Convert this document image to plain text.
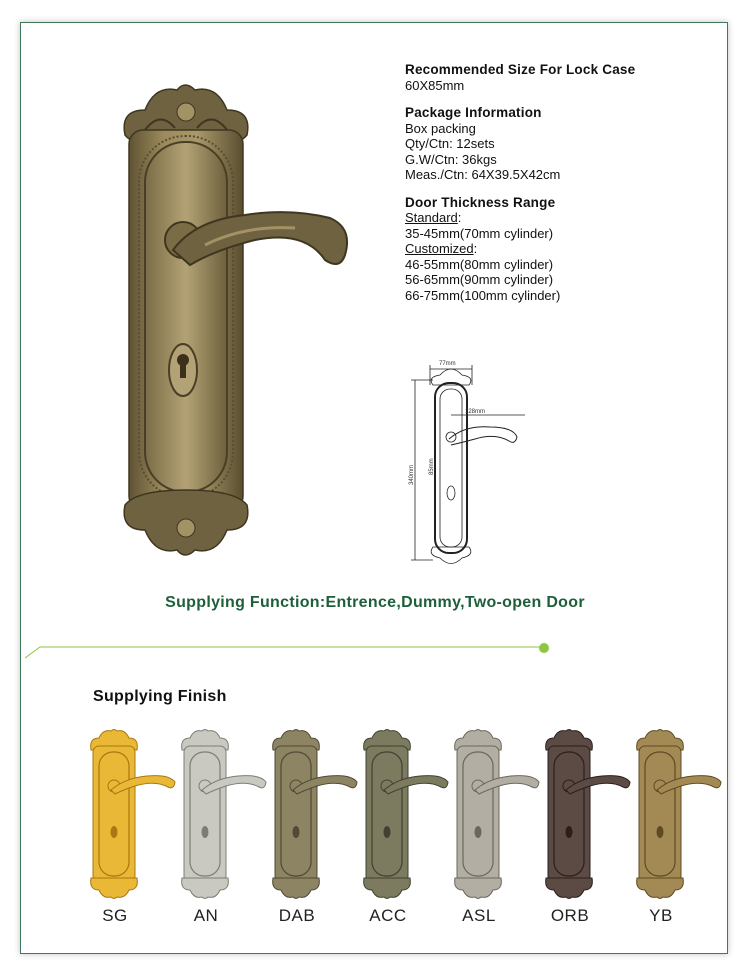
Recommended Size For Lock Case
60X85mm
Package Information
Box packing
Qty/Ctn: 12sets
G.W/Ctn: 36kgs
Meas./Ctn: 64X39.5X42cm
Door Thickness Range
Standard:
35-45mm(70mm cylinder)
Customized:
46-55mm(80mm cylinder)
56-65mm(90mm cylinder)
66-75mm(100mm cylinder)
77mm
128mm
340mm 85mm
Supplying Function:Entrence,Dummy,Two-open Door
Supplying Finish
SG	AN	DAB	ACC	ASL	ORB	YB
